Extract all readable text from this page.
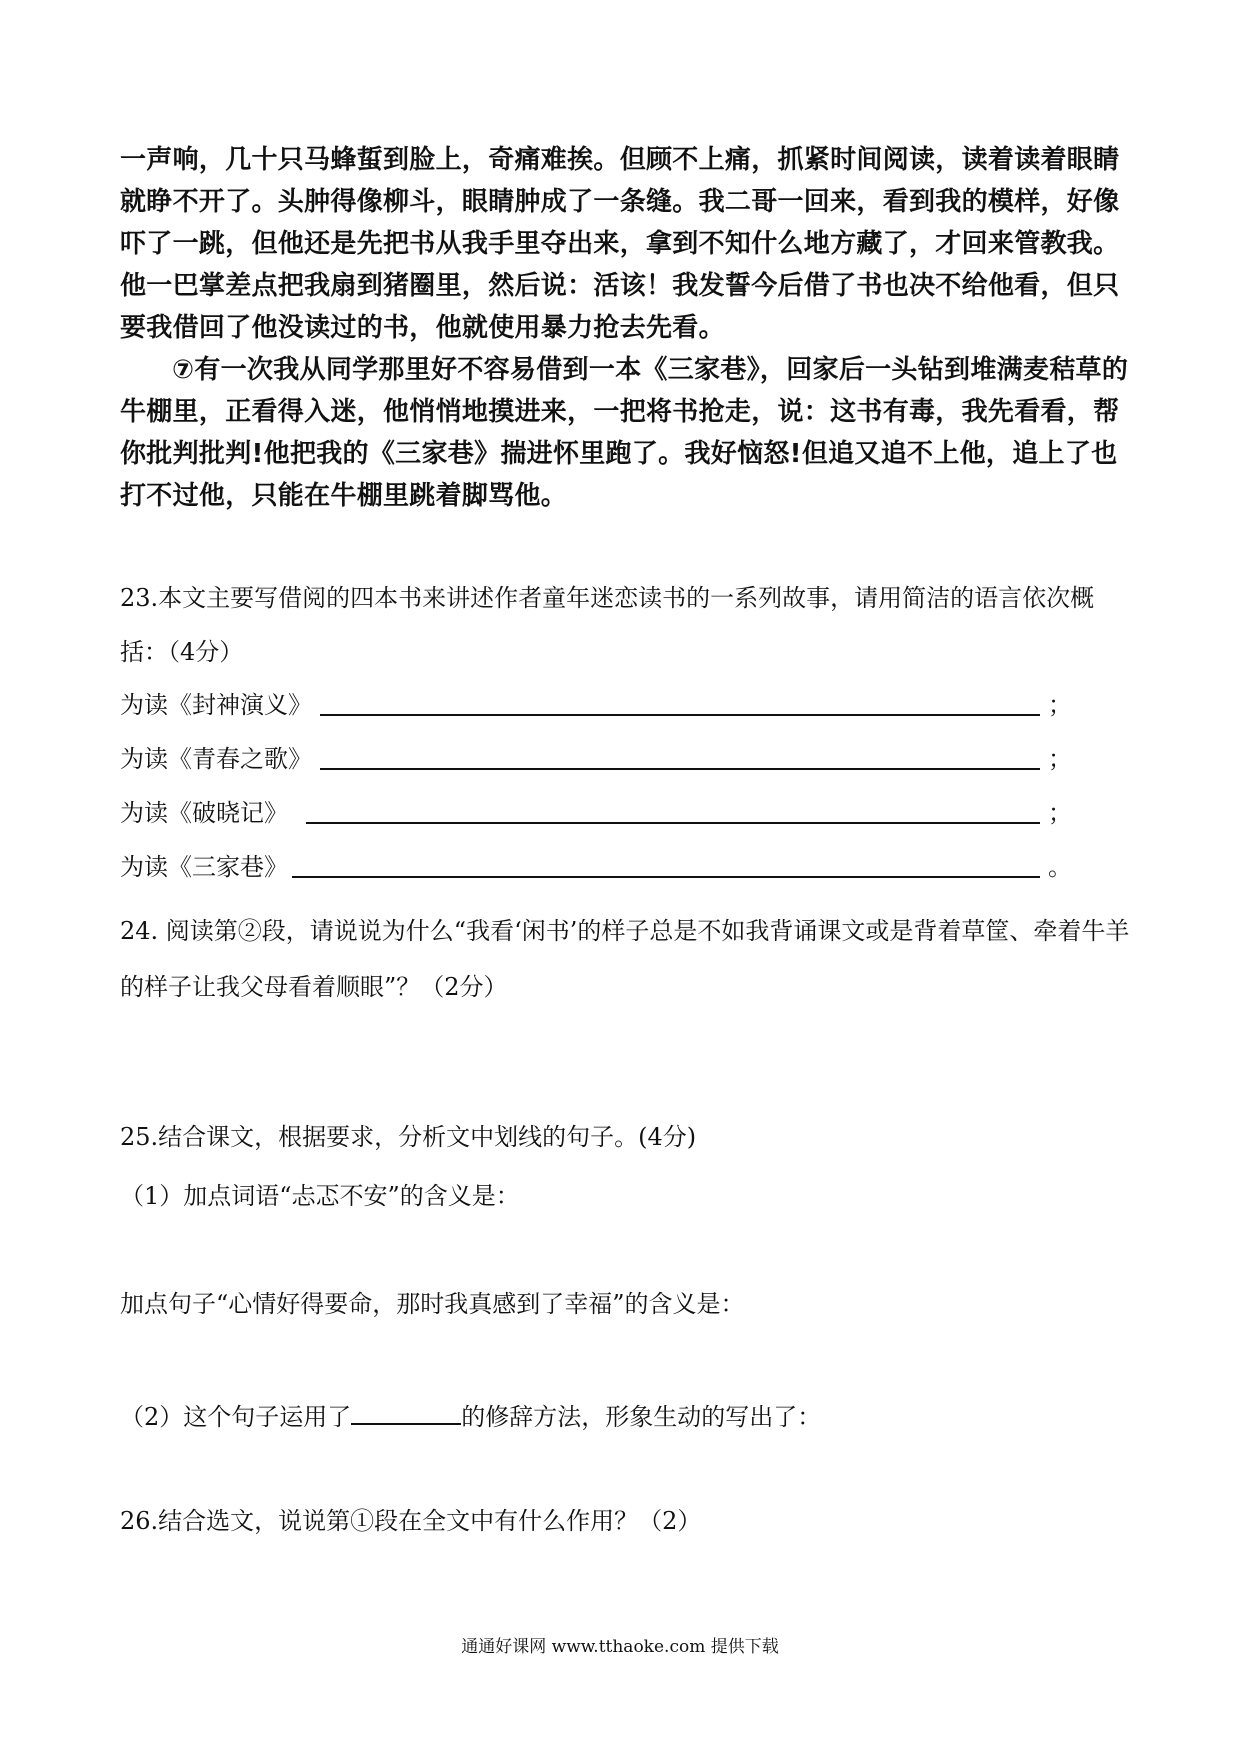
一声响，几十只马蜂蜇到脸上，奇痛难挨。但顾不上痛，抓紧时间阅读，读着读着眼睛就睁不开了。头肿得像柳斗，眼睛肿成了一条缝。我二哥一回来，看到我的模样，好像吓了一跳，但他还是先把书从我手里夺出来，拿到不知什么地方藏了，才回来管教我。他一巴掌差点把我扇到猪圈里，然后说：活该！我发誓今后借了书也决不给他看，但只要我借回了他没读过的书，他就使用暴力抢去先看。

⑦有一次我从同学那里好不容易借到一本《三家巷》，回家后一头钻到堆满麦秸草的牛棚里，正看得入迷，他悄悄地摸进来，一把将书抢走，说：这书有毒，我先看看，帮你批判批判!他把我的《三家巷》揣进怀里跑了。我好恼怒!但追又追不上他，追上了也打不过他，只能在牛棚里跳着脚骂他。

23.本文主要写借阅的四本书来讲述作者童年迷恋读书的一系列故事，请用简洁的语言依次概括：（4分）

为读《封神演义》	；
为读《青春之歌》	；
为读《破晓记》	；
为读《三家巷》	。

24. 阅读第②段，请说说为什么“我看‘闲书’的样子总是不如我背诵课文或是背着草筐、牵着牛羊的样子让我父母看着顺眼”？（2分）

25.结合课文，根据要求，分析文中划线的句子。(4分)

（1）加点词语“忐忑不安”的含义是：

加点句子“心情好得要命，那时我真感到了幸福”的含义是：

（2）这个句子运用了	的修辞方法，形象生动的写出了：

26.结合选文，说说第①段在全文中有什么作用？（2）

通通好课网 www.tthaoke.com 提供下载
